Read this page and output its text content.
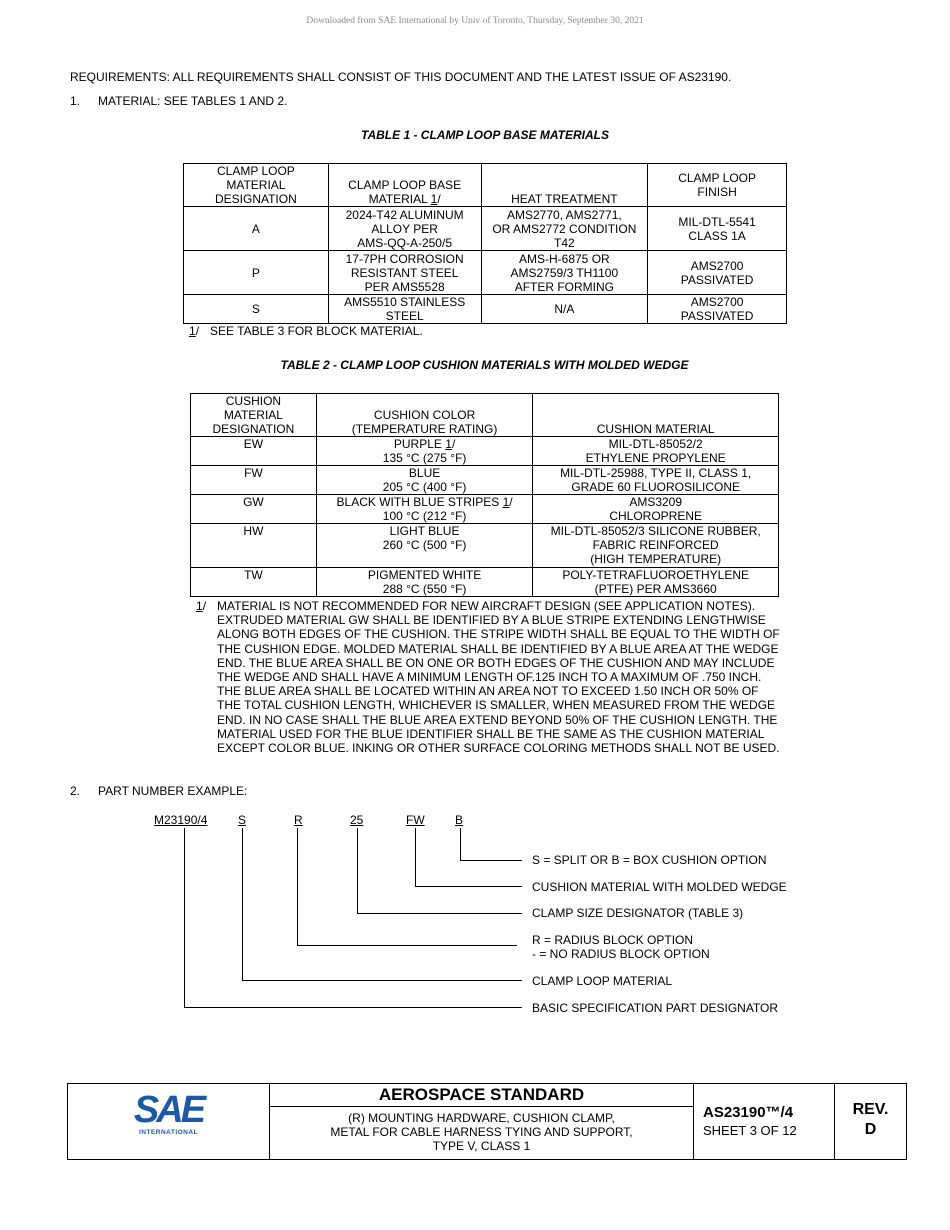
Downloaded from SAE International by Univ of Toronto, Thursday, September 30, 2021
REQUIREMENTS: ALL REQUIREMENTS SHALL CONSIST OF THIS DOCUMENT AND THE LATEST ISSUE OF AS23190.
1. MATERIAL: SEE TABLES 1 AND 2.
TABLE 1 - CLAMP LOOP BASE MATERIALS
CLAMP LOOP
MATERIAL
DESIGNATION	CLAMP LOOP BASE
MATERIAL 1/	HEAT TREATMENT	CLAMP LOOP
FINISH
A	2024-T42 ALUMINUM
ALLOY PER
AMS-QQ-A-250/5	AMS2770, AMS2771,
OR AMS2772 CONDITION
T42	MIL-DTL-5541
CLASS 1A
P	17-7PH CORROSION
RESISTANT STEEL
PER AMS5528	AMS-H-6875 OR
AMS2759/3 TH1100
AFTER FORMING	AMS2700
PASSIVATED
S	AMS5510 STAINLESS
STEEL	N/A	AMS2700
PASSIVATED
1/ SEE TABLE 3 FOR BLOCK MATERIAL.
TABLE 2 - CLAMP LOOP CUSHION MATERIALS WITH MOLDED WEDGE
CUSHION
MATERIAL
DESIGNATION	CUSHION COLOR
(TEMPERATURE RATING)	CUSHION MATERIAL
EW	PURPLE 1/
135 °C (275 °F)	MIL-DTL-85052/2
ETHYLENE PROPYLENE
FW	BLUE
205 °C (400 °F)	MIL-DTL-25988, TYPE II, CLASS 1,
GRADE 60 FLUOROSILICONE
GW	BLACK WITH BLUE STRIPES 1/
100 °C (212 °F)	AMS3209
CHLOROPRENE
HW	LIGHT BLUE
260 °C (500 °F)	MIL-DTL-85052/3 SILICONE RUBBER,
FABRIC REINFORCED
(HIGH TEMPERATURE)
TW	PIGMENTED WHITE
288 °C (550 °F)	POLY-TETRAFLUOROETHYLENE
(PTFE) PER AMS3660
1/ MATERIAL IS NOT RECOMMENDED FOR NEW AIRCRAFT DESIGN (SEE APPLICATION NOTES). EXTRUDED MATERIAL GW SHALL BE IDENTIFIED BY A BLUE STRIPE EXTENDING LENGTHWISE ALONG BOTH EDGES OF THE CUSHION. THE STRIPE WIDTH SHALL BE EQUAL TO THE WIDTH OF THE CUSHION EDGE. MOLDED MATERIAL SHALL BE IDENTIFIED BY A BLUE AREA AT THE WEDGE END. THE BLUE AREA SHALL BE ON ONE OR BOTH EDGES OF THE CUSHION AND MAY INCLUDE THE WEDGE AND SHALL HAVE A MINIMUM LENGTH OF.125 INCH TO A MAXIMUM OF .750 INCH. THE BLUE AREA SHALL BE LOCATED WITHIN AN AREA NOT TO EXCEED 1.50 INCH OR 50% OF THE TOTAL CUSHION LENGTH, WHICHEVER IS SMALLER, WHEN MEASURED FROM THE WEDGE END. IN NO CASE SHALL THE BLUE AREA EXTEND BEYOND 50% OF THE CUSHION LENGTH. THE MATERIAL USED FOR THE BLUE IDENTIFIER SHALL BE THE SAME AS THE CUSHION MATERIAL EXCEPT COLOR BLUE. INKING OR OTHER SURFACE COLORING METHODS SHALL NOT BE USED.
2. PART NUMBER EXAMPLE:
M23190/4	S	R	25	FW	B
S = SPLIT OR B = BOX CUSHION OPTION
CUSHION MATERIAL WITH MOLDED WEDGE
CLAMP SIZE DESIGNATOR (TABLE 3)
R = RADIUS BLOCK OPTION
- = NO RADIUS BLOCK OPTION
CLAMP LOOP MATERIAL
BASIC SPECIFICATION PART DESIGNATOR
SAE
INTERNATIONAL
AEROSPACE STANDARD
(R) MOUNTING HARDWARE, CUSHION CLAMP,
METAL FOR CABLE HARNESS TYING AND SUPPORT,
TYPE V, CLASS 1
AS23190™/4
SHEET 3 OF 12
REV.
D
